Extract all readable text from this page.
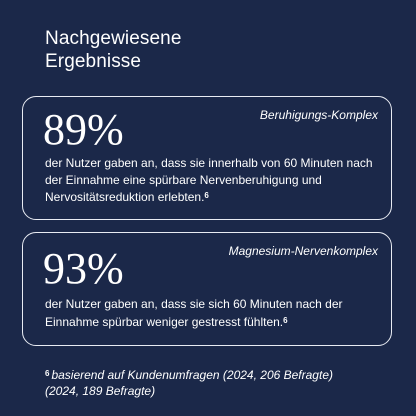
Nachgewiesene
Ergebnisse

Beruhigungs-Komplex

89%

der Nutzer gaben an, dass sie innerhalb von 60 Minuten nach der Einnahme eine spürbare Nervenberuhigung und Nervositätsreduktion erlebten.$^6$

Magnesium-Nervenkomplex

93%

der Nutzer gaben an, dass sie sich 60 Minuten nach der Einnahme spürbar weniger gestresst fühlten.$^6$

$^6$ basierend auf Kundenumfragen (2024, 206 Befragte)
(2024, 189 Befragte)
